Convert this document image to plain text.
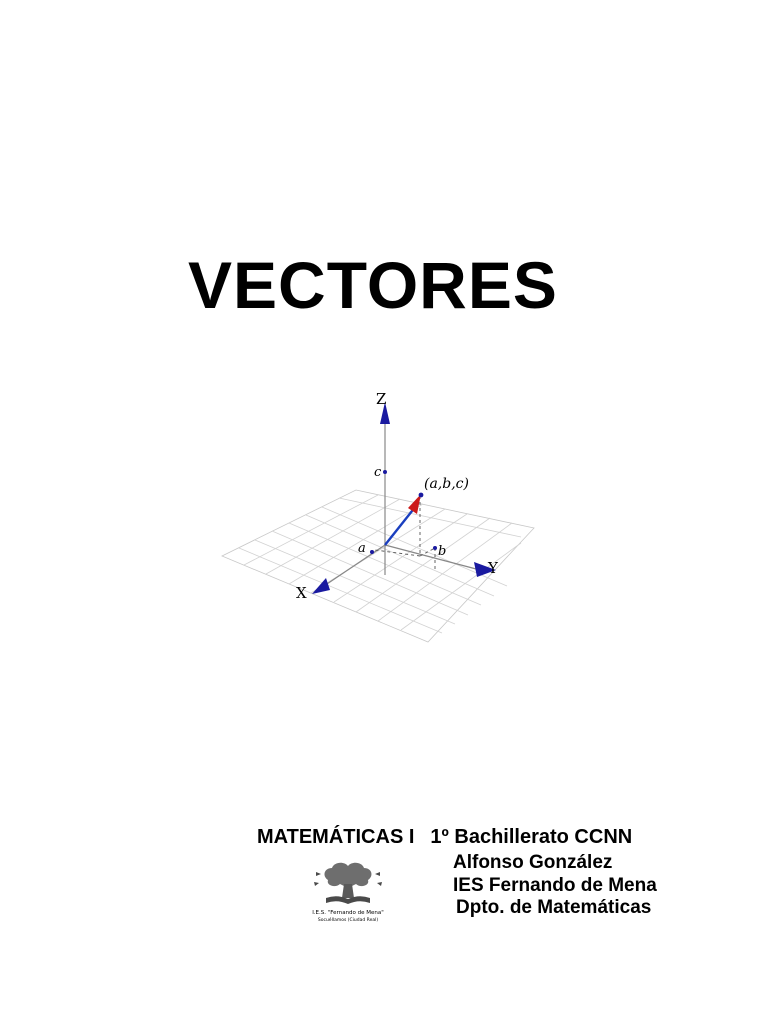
VECTORES
Z
Y
X
c
a	b
(a,b,c)
MATEMÁTICAS I 1º Bachillerato CCNN
Alfonso González
IES Fernando de Mena
Dpto. de Matemáticas
I.E.S. "Fernando de Mena"
Socuéllamos (Ciudad Real)
